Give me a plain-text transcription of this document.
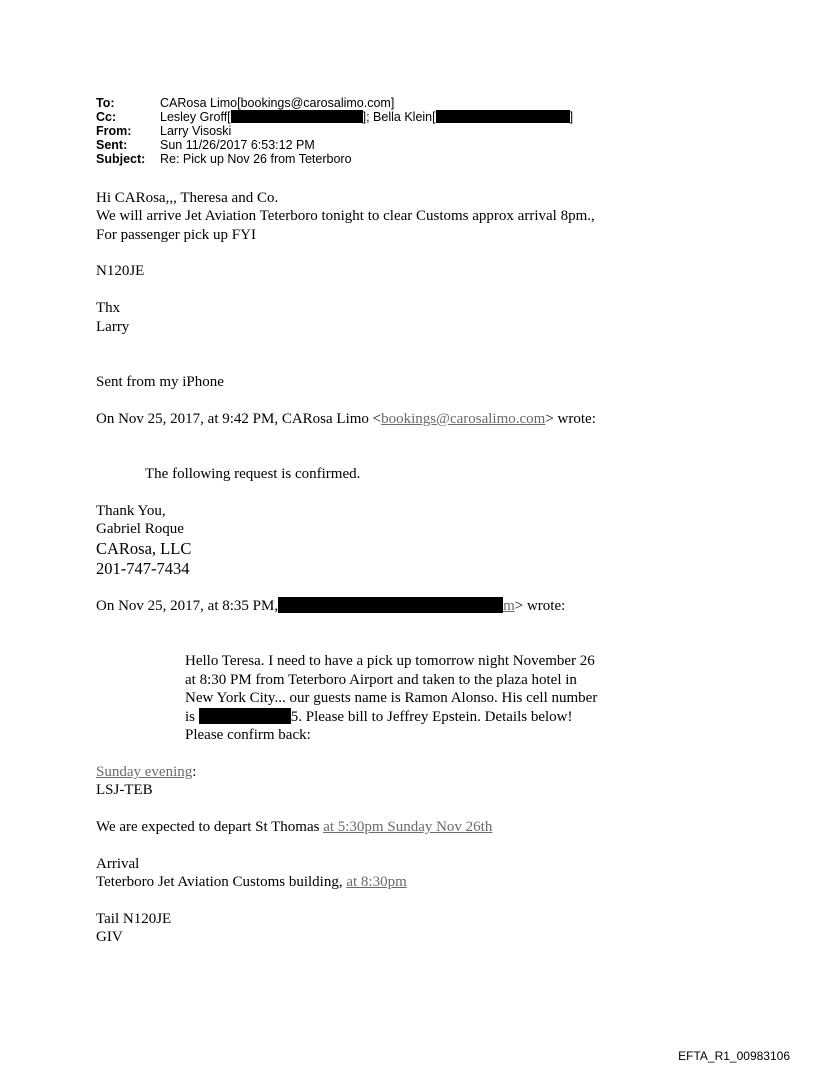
To:	CARosa Limo[bookings@carosalimo.com]
Cc:	Lesley Groff[	]; Bella Klein[	]
From:	Larry Visoski
Sent:	Sun 11/26/2017 6:53:12 PM
Subject:	Re: Pick up Nov 26 from Teterboro
Hi CARosa,,, Theresa and Co.
We will arrive Jet Aviation Teterboro tonight to clear Customs approx arrival 8pm.,
For passenger pick up FYI
N120JE
Thx
Larry
Sent from my iPhone
On Nov 25, 2017, at 9:42 PM, CARosa Limo <bookings@carosalimo.com> wrote:
The following request is confirmed.
Thank You,
Gabriel Roque
CARosa, LLC
201-747-7434
On Nov 25, 2017, at 8:35 PM,	m> wrote:
Hello Teresa. I need to have a pick up tomorrow night November 26
at 8:30 PM from Teterboro Airport and taken to the plaza hotel in
New York City... our guests name is Ramon Alonso. His cell number
is	5. Please bill to Jeffrey Epstein. Details below!
Please confirm back:
Sunday evening:
LSJ-TEB
We are expected to depart St Thomas at 5:30pm Sunday Nov 26th
Arrival
Teterboro Jet Aviation Customs building, at 8:30pm
Tail N120JE
GIV
EFTA_R1_00983106
